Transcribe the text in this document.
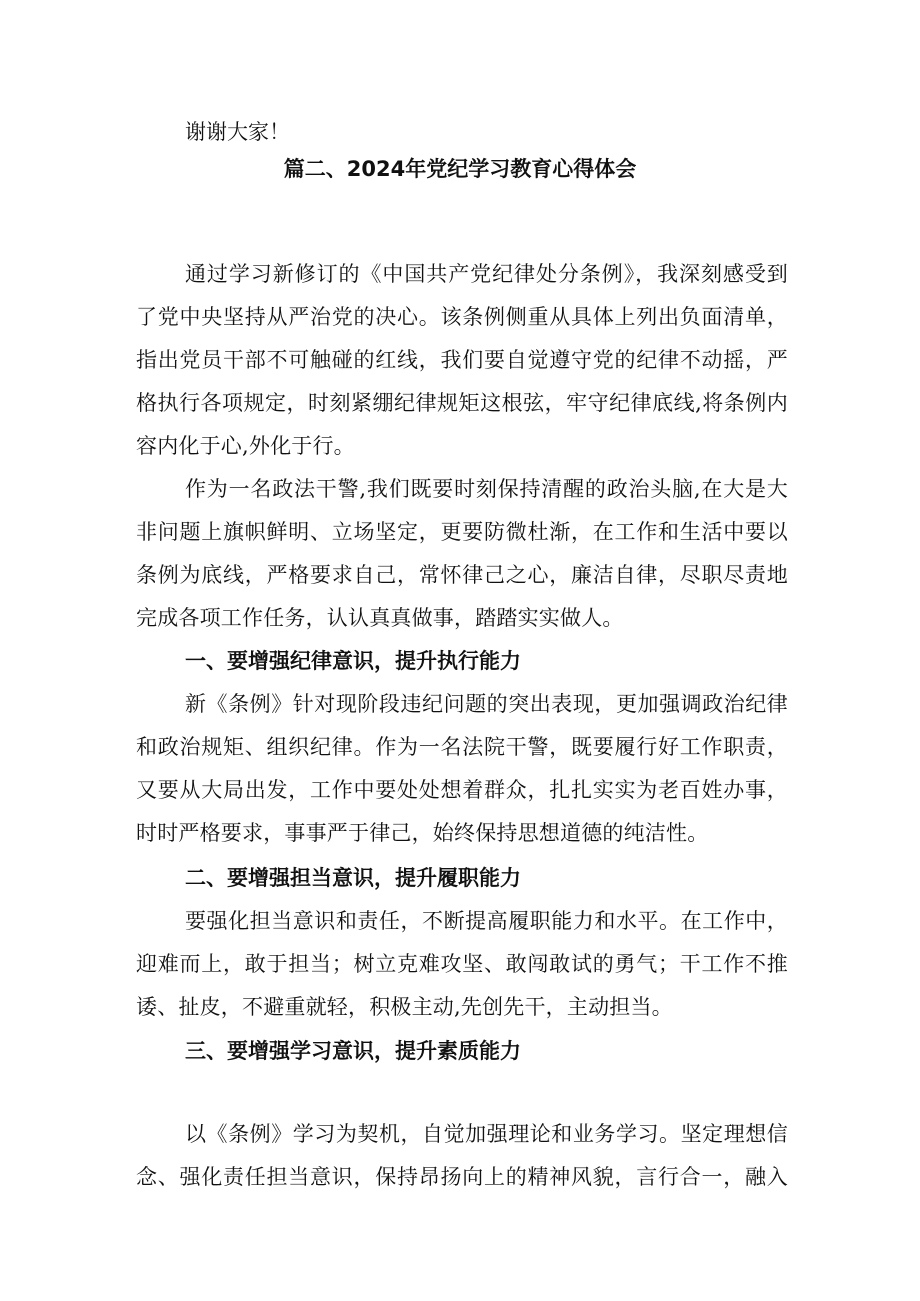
谢谢大家！
篇二、2024年党纪学习教育心得体会
通过学习新修订的《中国共产党纪律处分条例》，我深刻感受到
了党中央坚持从严治党的决心。该条例侧重从具体上列出负面清单，
指出党员干部不可触碰的红线，我们要自觉遵守党的纪律不动摇，严
格执行各项规定，时刻紧绷纪律规矩这根弦，牢守纪律底线,将条例内
容内化于心,外化于行。
作为一名政法干警,我们既要时刻保持清醒的政治头脑,在大是大
非问题上旗帜鲜明、立场坚定，更要防微杜渐，在工作和生活中要以
条例为底线，严格要求自己，常怀律己之心，廉洁自律，尽职尽责地
完成各项工作任务，认认真真做事，踏踏实实做人。
一、要增强纪律意识，提升执行能力
新《条例》针对现阶段违纪问题的突出表现，更加强调政治纪律
和政治规矩、组织纪律。作为一名法院干警，既要履行好工作职责，
又要从大局出发，工作中要处处想着群众，扎扎实实为老百姓办事，
时时严格要求，事事严于律己，始终保持思想道德的纯洁性。
二、要增强担当意识，提升履职能力
要强化担当意识和责任，不断提高履职能力和水平。在工作中，
迎难而上，敢于担当；树立克难攻坚、敢闯敢试的勇气；干工作不推
诿、扯皮，不避重就轻，积极主动,先创先干，主动担当。
三、要增强学习意识，提升素质能力
以《条例》学习为契机，自觉加强理论和业务学习。坚定理想信
念、强化责任担当意识，保持昂扬向上的精神风貌，言行合一，融入
